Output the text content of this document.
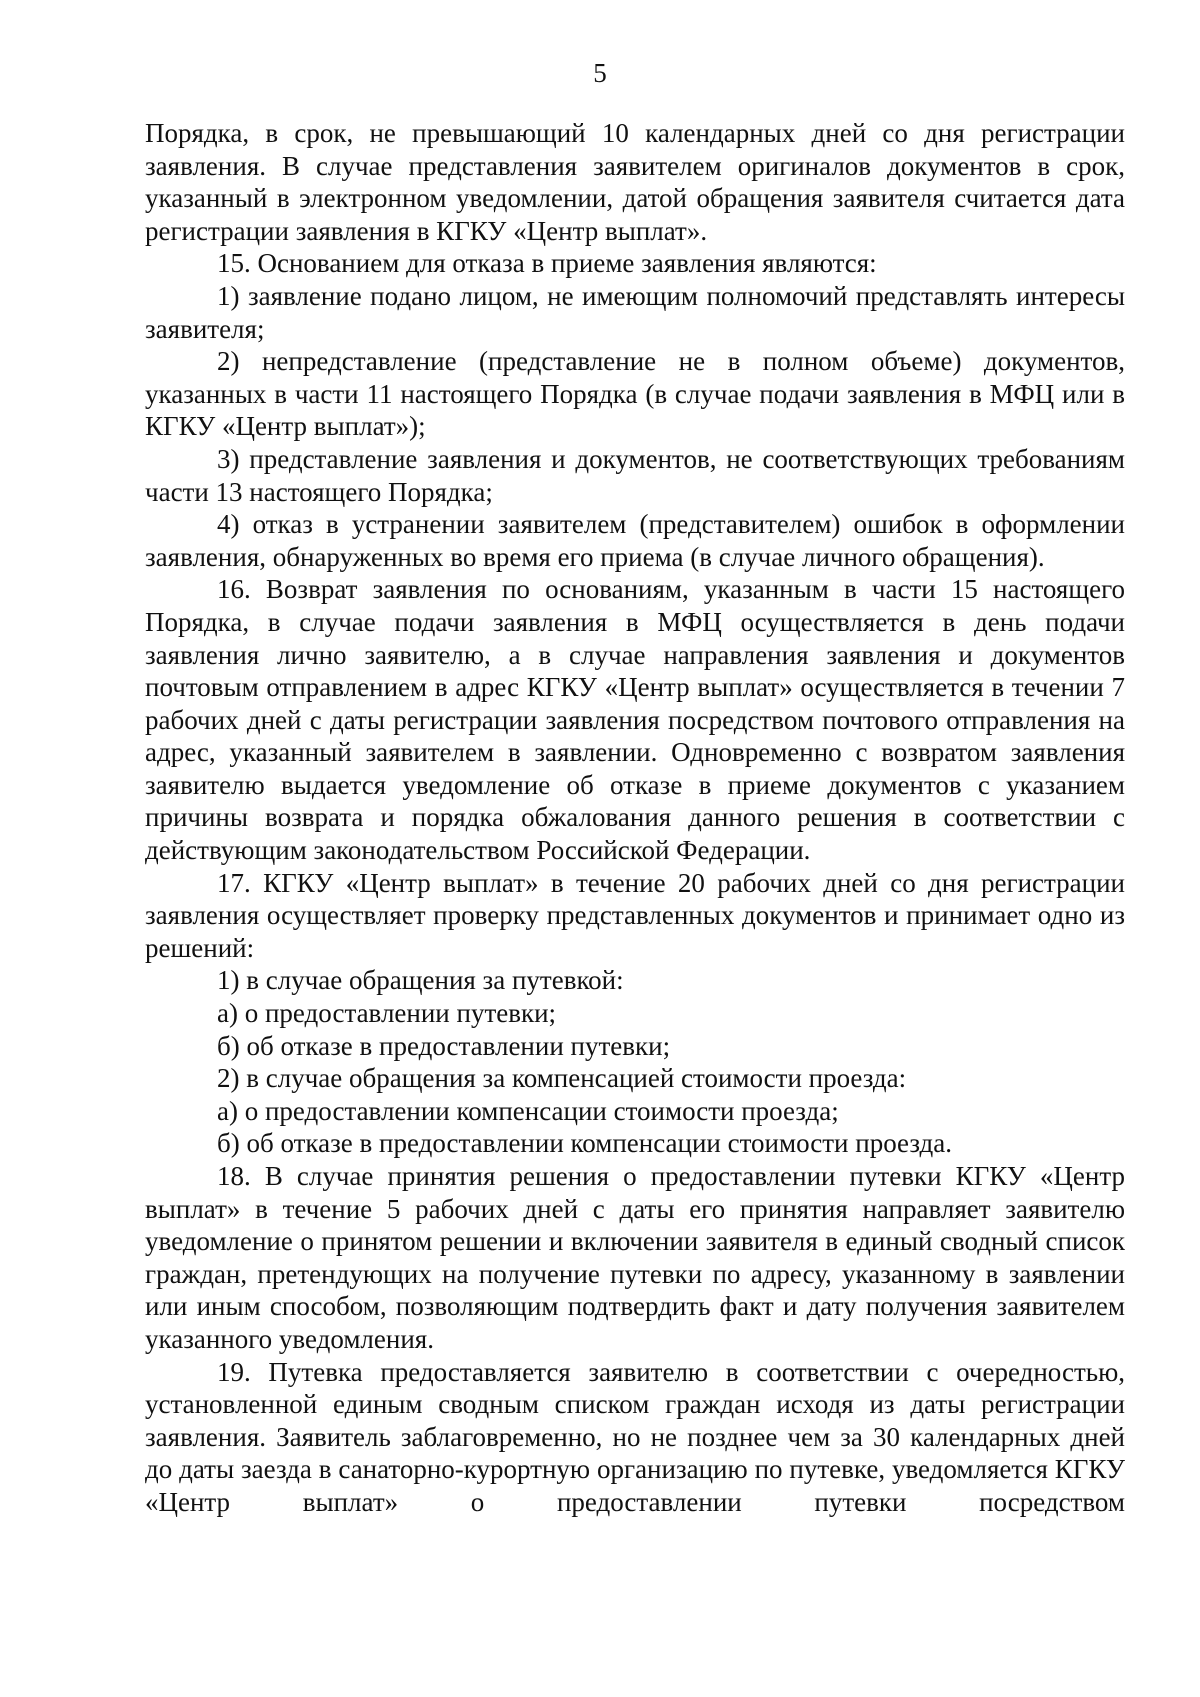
5

Порядка, в срок, не превышающий 10 календарных дней со дня регистрации заявления. В случае представления заявителем оригиналов документов в срок, указанный в электронном уведомлении, датой обращения заявителя считается дата регистрации заявления в КГКУ «Центр выплат».

15. Основанием для отказа в приеме заявления являются:

1) заявление подано лицом, не имеющим полномочий представлять интересы заявителя;

2) непредставление (представление не в полном объеме) документов, указанных в части 11 настоящего Порядка (в случае подачи заявления в МФЦ или в КГКУ «Центр выплат»);

3) представление заявления и документов, не соответствующих требованиям части 13 настоящего Порядка;

4) отказ в устранении заявителем (представителем) ошибок в оформлении заявления, обнаруженных во время его приема (в случае личного обращения).

16. Возврат заявления по основаниям, указанным в части 15 настоящего Порядка, в случае подачи заявления в МФЦ осуществляется в день подачи заявления лично заявителю, а в случае направления заявления и документов почтовым отправлением в адрес КГКУ «Центр выплат» осуществляется в течении 7 рабочих дней с даты регистрации заявления посредством почтового отправления на адрес, указанный заявителем в заявлении. Одновременно с возвратом заявления заявителю выдается уведомление об отказе в приеме документов с указанием причины возврата и порядка обжалования данного решения в соответствии с действующим законодательством Российской Федерации.

17. КГКУ «Центр выплат» в течение 20 рабочих дней со дня регистрации заявления осуществляет проверку представленных документов и принимает одно из решений:

1) в случае обращения за путевкой:

а) о предоставлении путевки;

б) об отказе в предоставлении путевки;

2) в случае обращения за компенсацией стоимости проезда:

а) о предоставлении компенсации стоимости проезда;

б) об отказе в предоставлении компенсации стоимости проезда.

18. В случае принятия решения о предоставлении путевки КГКУ «Центр выплат» в течение 5 рабочих дней с даты его принятия направляет заявителю уведомление о принятом решении и включении заявителя в единый сводный список граждан, претендующих на получение путевки по адресу, указанному в заявлении или иным способом, позволяющим подтвердить факт и дату получения заявителем указанного уведомления.

19. Путевка предоставляется заявителю в соответствии с очередностью, установленной единым сводным списком граждан исходя из даты регистрации заявления. Заявитель заблаговременно, но не позднее чем за 30 календарных дней до даты заезда в санаторно-курортную организацию по путевке, уведомляется КГКУ «Центр выплат» о предоставлении путевки посредством
